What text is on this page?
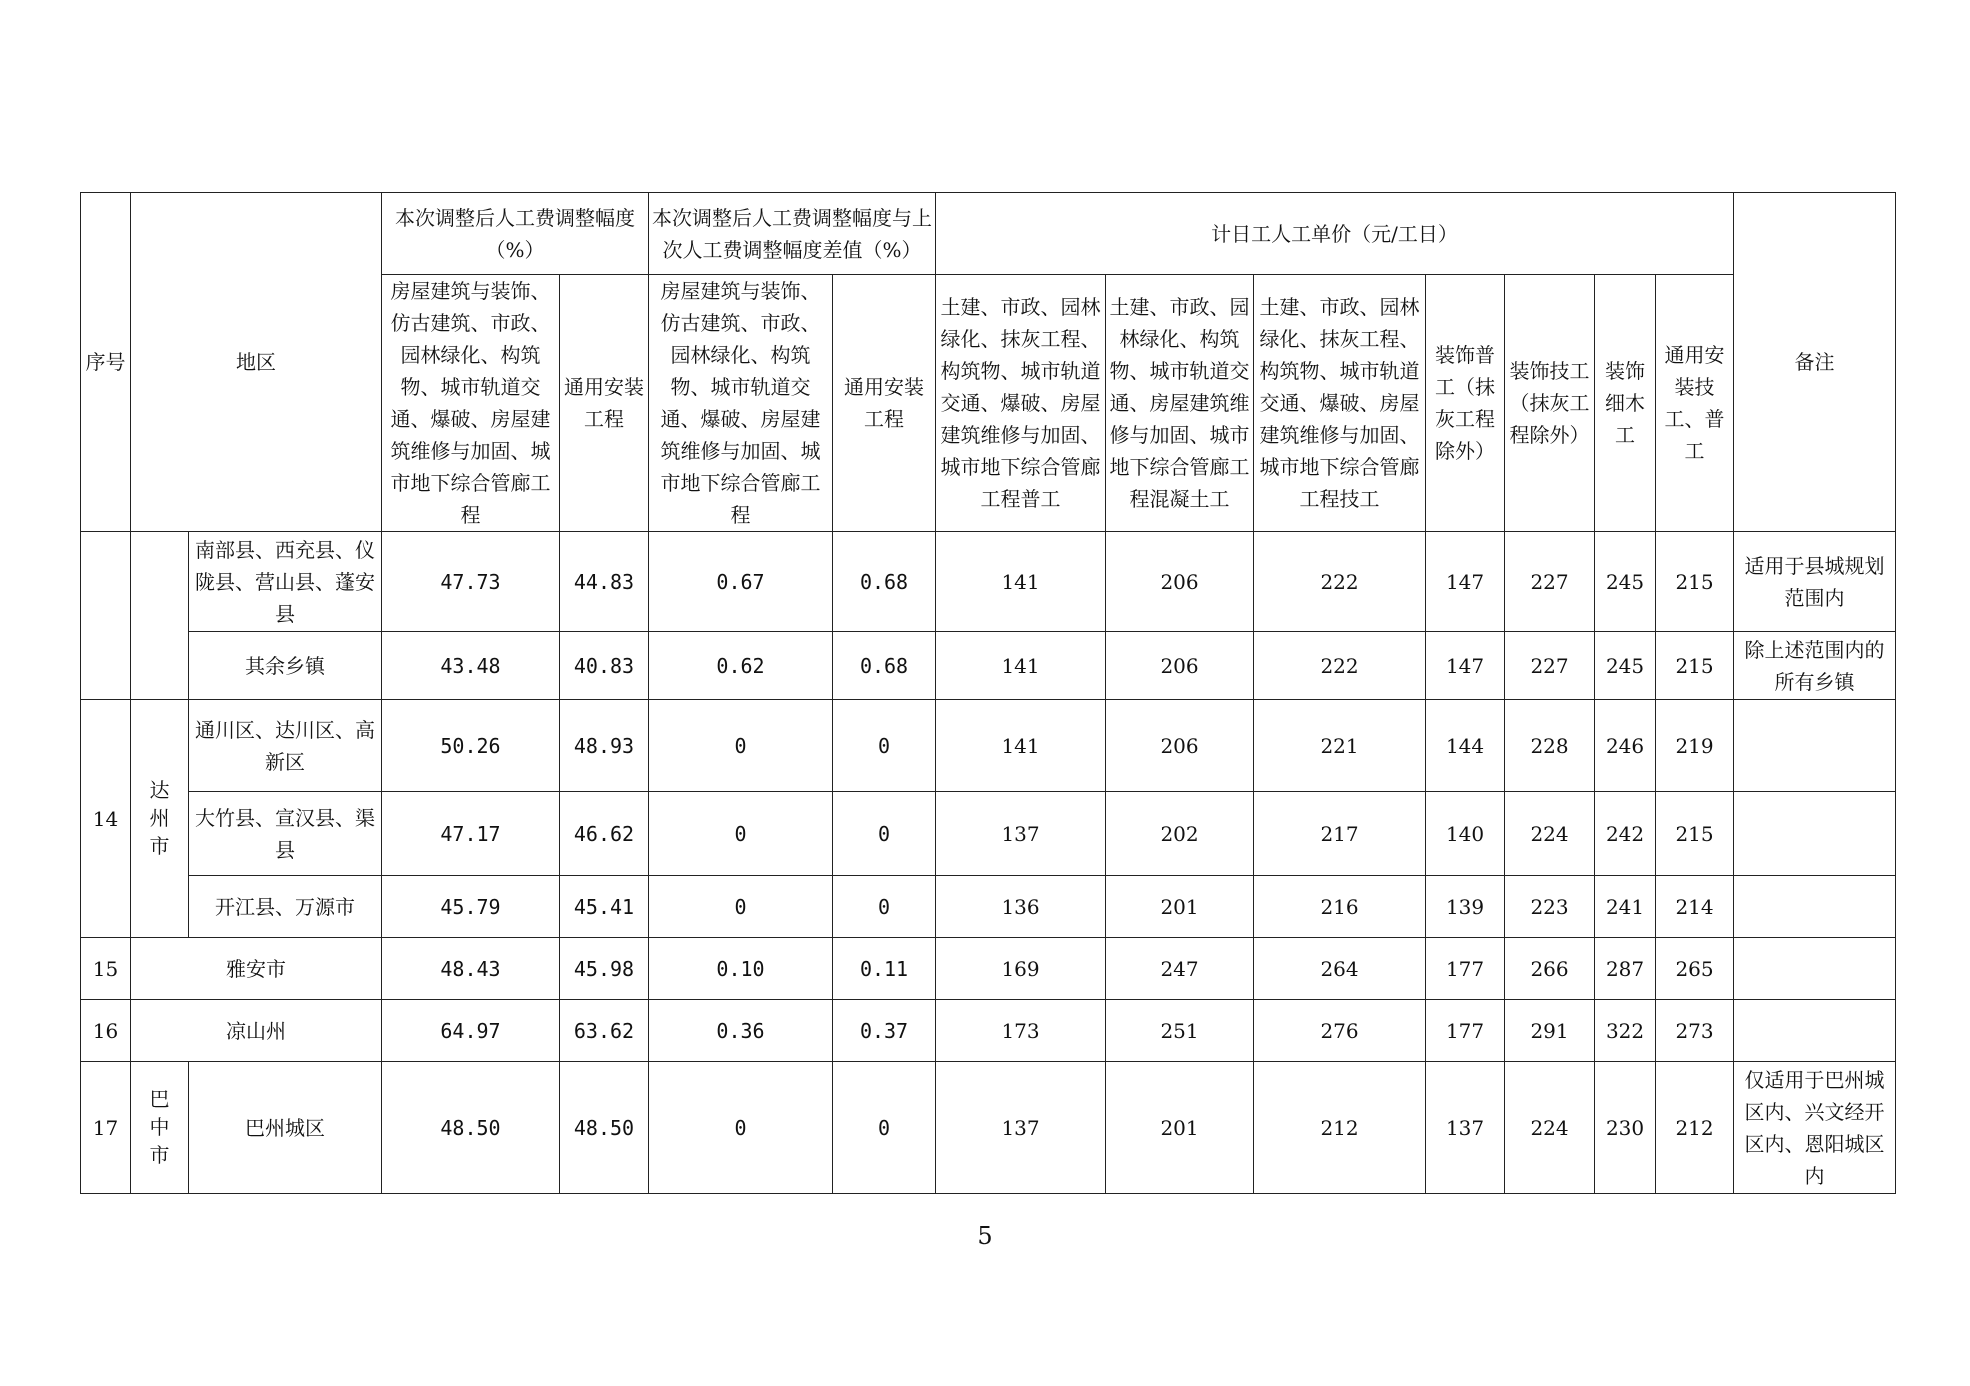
序号	地区		本次调整后人工费调整幅度（%）		本次调整后人工费调整幅度与上次人工费调整幅度差值（%）		计日工人工单价（元/工日）							备注
			房屋建筑与装饰、仿古建筑、市政、园林绿化、构筑物、城市轨道交通、爆破、房屋建筑维修与加固、城市地下综合管廊工程	通用安装工程	房屋建筑与装饰、仿古建筑、市政、园林绿化、构筑物、城市轨道交通、爆破、房屋建筑维修与加固、城市地下综合管廊工程	通用安装工程	土建、市政、园林绿化、抹灰工程、构筑物、城市轨道交通、爆破、房屋建筑维修与加固、城市地下综合管廊工程普工	土建、市政、园林绿化、构筑物、城市轨道交通、房屋建筑维修与加固、城市地下综合管廊工程混凝土工	土建、市政、园林绿化、抹灰工程、构筑物、城市轨道交通、爆破、房屋建筑维修与加固、城市地下综合管廊工程技工	装饰普工（抹灰工程除外）	装饰技工（抹灰工程除外）	装饰细木工	通用安装技工、普工	
		南部县、西充县、仪陇县、营山县、蓬安县	47.73	44.83	0.67	0.68	141	206	222	147	227	245	215	适用于县城规划范围内
		其余乡镇	43.48	40.83	0.62	0.68	141	206	222	147	227	245	215	除上述范围内的所有乡镇
14	达州市	通川区、达川区、高新区	50.26	48.93	0	0	141	206	221	144	228	246	219	
		大竹县、宣汉县、渠县	47.17	46.62	0	0	137	202	217	140	224	242	215	
		开江县、万源市	45.79	45.41	0	0	136	201	216	139	223	241	214	
15	雅安市		48.43	45.98	0.10	0.11	169	247	264	177	266	287	265	
16	凉山州		64.97	63.62	0.36	0.37	173	251	276	177	291	322	273	
17	巴中市	巴州城区	48.50	48.50	0	0	137	201	212	137	224	230	212	仅适用于巴州城区内、兴文经开区内、恩阳城区内
5
